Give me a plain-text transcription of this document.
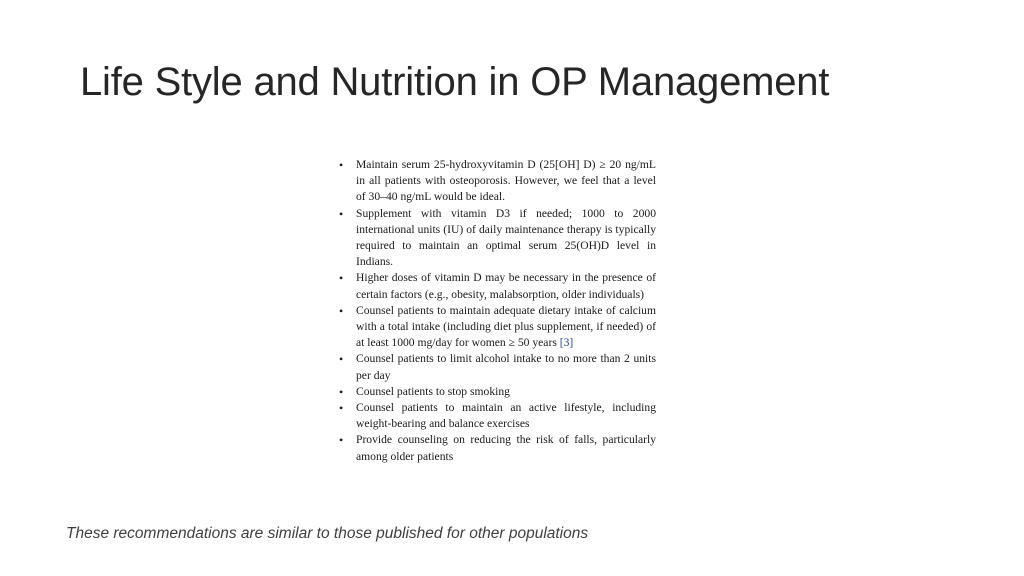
Life Style and Nutrition in OP Management
• Maintain serum 25-hydroxyvitamin D (25[OH] D) ≥ 20 ng/mL in all patients with osteoporosis. However, we feel that a level of 30–40 ng/mL would be ideal.
• Supplement with vitamin D3 if needed; 1000 to 2000 international units (IU) of daily maintenance therapy is typically required to maintain an optimal serum 25(OH)D level in Indians.
• Higher doses of vitamin D may be necessary in the presence of certain factors (e.g., obesity, malabsorption, older individuals)
• Counsel patients to maintain adequate dietary intake of calcium with a total intake (including diet plus supplement, if needed) of at least 1000 mg/day for women ≥ 50 years [3]
• Counsel patients to limit alcohol intake to no more than 2 units per day
• Counsel patients to stop smoking
• Counsel patients to maintain an active lifestyle, including weight-bearing and balance exercises
• Provide counseling on reducing the risk of falls, particularly among older patients
These recommendations are similar to those published for other populations
